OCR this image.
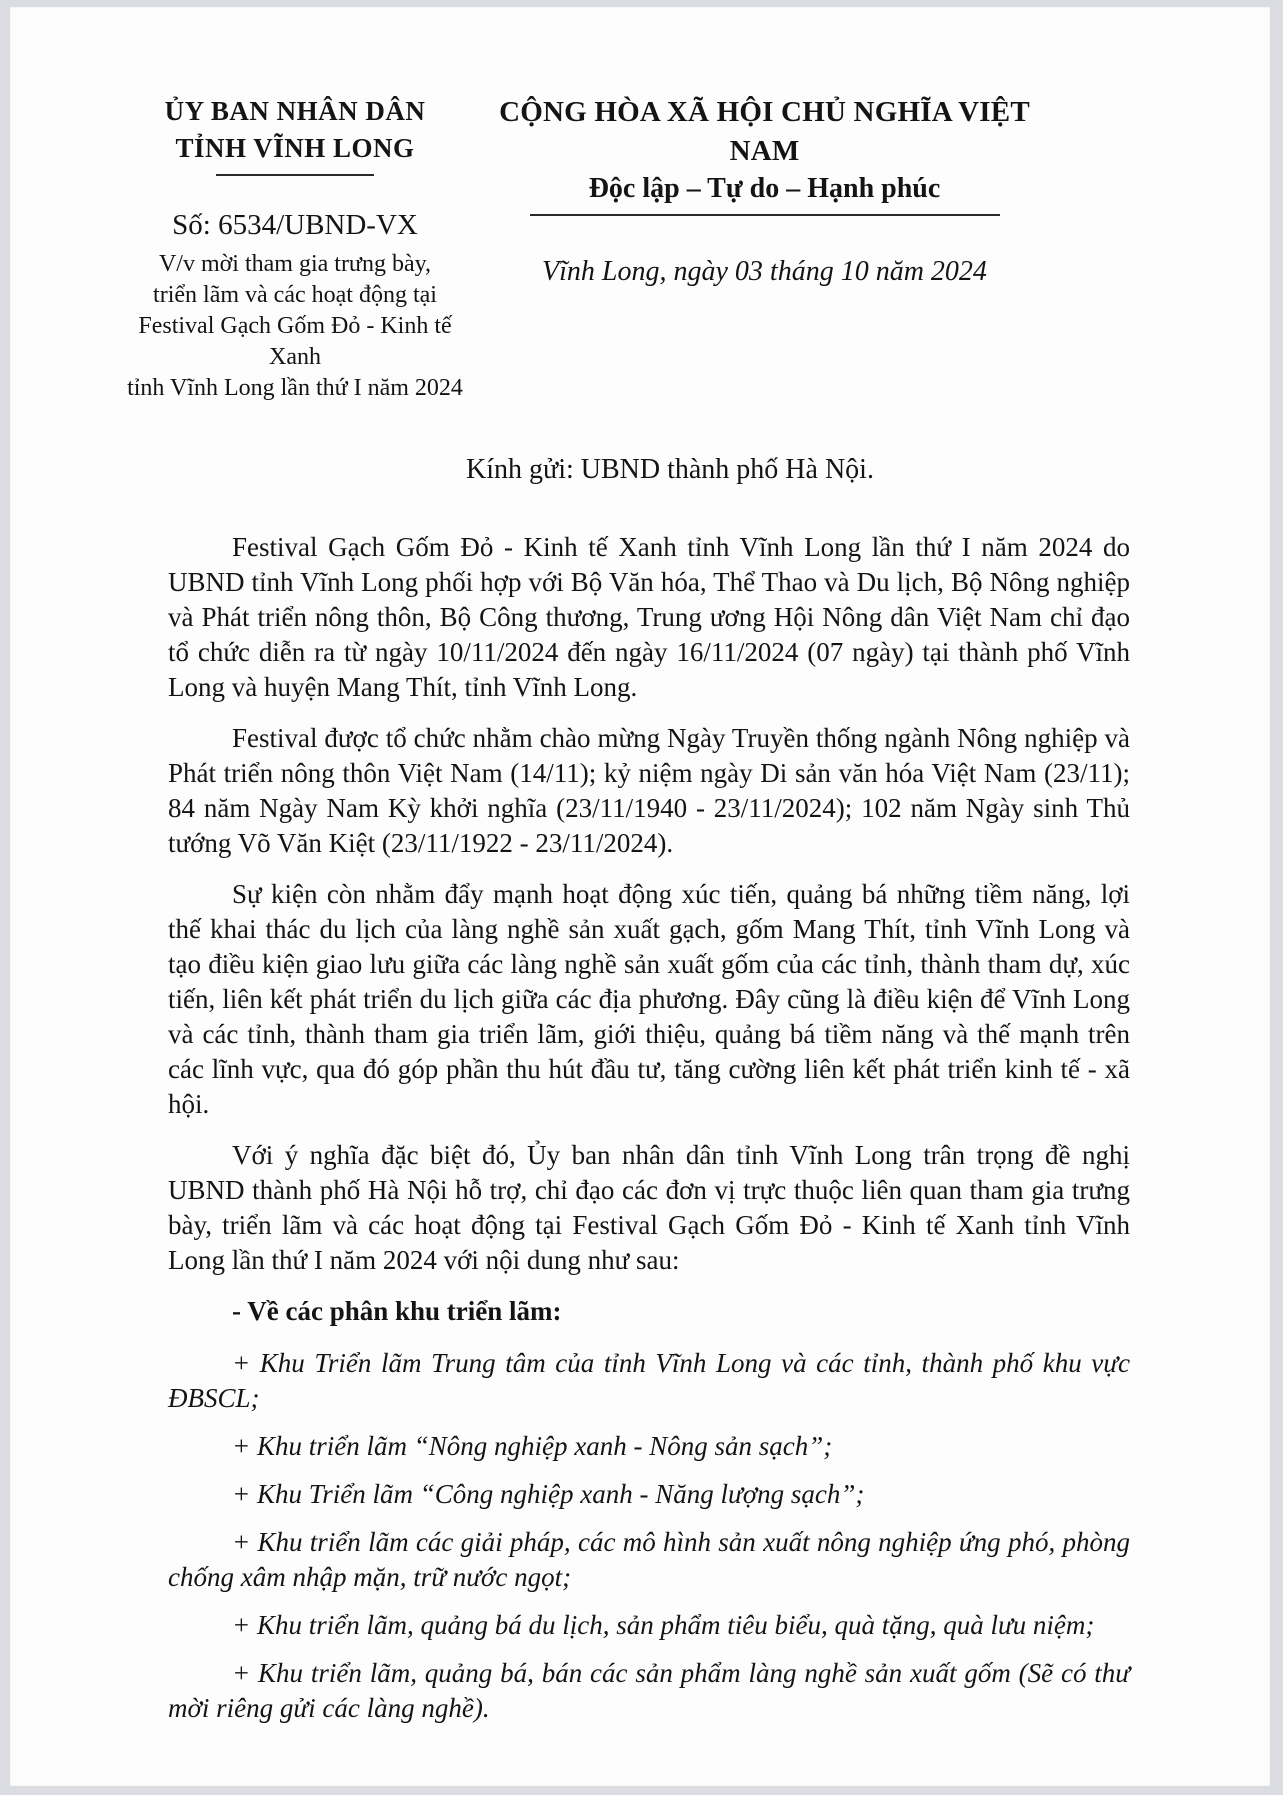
ỦY BAN NHÂN DÂN
TỈNH VĨNH LONG
Số: 6534/UBND-VX
V/v mời tham gia trưng bày,
triển lãm và các hoạt động tại
Festival Gạch Gốm Đỏ - Kinh tế Xanh
tỉnh Vĩnh Long lần thứ I năm 2024
CỘNG HÒA XÃ HỘI CHỦ NGHĨA VIỆT NAM
Độc lập – Tự do – Hạnh phúc
Vĩnh Long, ngày 03 tháng 10 năm 2024
Kính gửi: UBND thành phố Hà Nội.

Festival Gạch Gốm Đỏ - Kinh tế Xanh tỉnh Vĩnh Long lần thứ I năm 2024 do UBND tỉnh Vĩnh Long phối hợp với Bộ Văn hóa, Thể Thao và Du lịch, Bộ Nông nghiệp và Phát triển nông thôn, Bộ Công thương, Trung ương Hội Nông dân Việt Nam chỉ đạo tổ chức diễn ra từ ngày 10/11/2024 đến ngày 16/11/2024 (07 ngày) tại thành phố Vĩnh Long và huyện Mang Thít, tỉnh Vĩnh Long.

Festival được tổ chức nhằm chào mừng Ngày Truyền thống ngành Nông nghiệp và Phát triển nông thôn Việt Nam (14/11); kỷ niệm ngày Di sản văn hóa Việt Nam (23/11); 84 năm Ngày Nam Kỳ khởi nghĩa (23/11/1940 - 23/11/2024); 102 năm Ngày sinh Thủ tướng Võ Văn Kiệt (23/11/1922 - 23/11/2024).

Sự kiện còn nhằm đẩy mạnh hoạt động xúc tiến, quảng bá những tiềm năng, lợi thế khai thác du lịch của làng nghề sản xuất gạch, gốm Mang Thít, tỉnh Vĩnh Long và tạo điều kiện giao lưu giữa các làng nghề sản xuất gốm của các tỉnh, thành tham dự, xúc tiến, liên kết phát triển du lịch giữa các địa phương. Đây cũng là điều kiện để Vĩnh Long và các tỉnh, thành tham gia triển lãm, giới thiệu, quảng bá tiềm năng và thế mạnh trên các lĩnh vực, qua đó góp phần thu hút đầu tư, tăng cường liên kết phát triển kinh tế - xã hội.

Với ý nghĩa đặc biệt đó, Ủy ban nhân dân tỉnh Vĩnh Long trân trọng đề nghị UBND thành phố Hà Nội hỗ trợ, chỉ đạo các đơn vị trực thuộc liên quan tham gia trưng bày, triển lãm và các hoạt động tại Festival Gạch Gốm Đỏ - Kinh tế Xanh tỉnh Vĩnh Long lần thứ I năm 2024 với nội dung như sau:

- Về các phân khu triển lãm:

+ Khu Triển lãm Trung tâm của tỉnh Vĩnh Long và các tỉnh, thành phố khu vực ĐBSCL;

+ Khu triển lãm “Nông nghiệp xanh - Nông sản sạch”;

+ Khu Triển lãm “Công nghiệp xanh - Năng lượng sạch”;

+ Khu triển lãm các giải pháp, các mô hình sản xuất nông nghiệp ứng phó, phòng chống xâm nhập mặn, trữ nước ngọt;

+ Khu triển lãm, quảng bá du lịch, sản phẩm tiêu biểu, quà tặng, quà lưu niệm;

+ Khu triển lãm, quảng bá, bán các sản phẩm làng nghề sản xuất gốm (Sẽ có thư mời riêng gửi các làng nghề).
